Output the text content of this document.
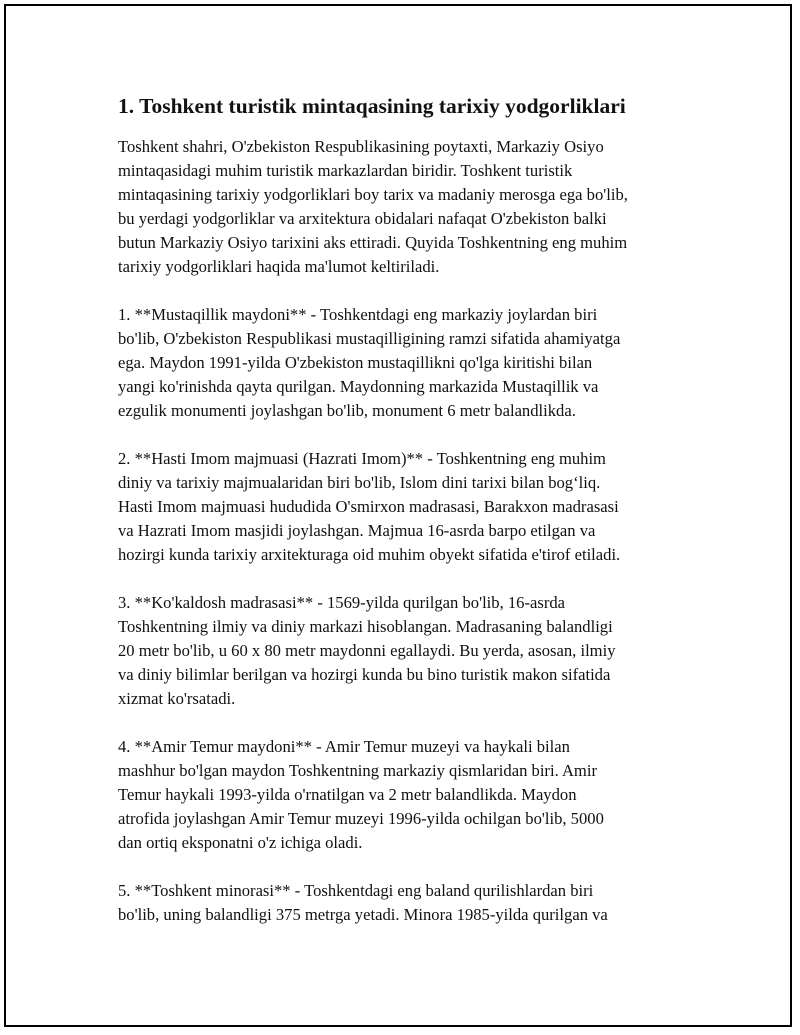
1. Toshkent turistik mintaqasining tarixiy yodgorliklari
Toshkent shahri, O'zbekiston Respublikasining poytaxti, Markaziy Osiyo
mintaqasidagi muhim turistik markazlardan biridir. Toshkent turistik
mintaqasining tarixiy yodgorliklari boy tarix va madaniy merosga ega bo'lib,
bu yerdagi yodgorliklar va arxitektura obidalari nafaqat O'zbekiston balki
butun Markaziy Osiyo tarixini aks ettiradi. Quyida Toshkentning eng muhim
tarixiy yodgorliklari haqida ma'lumot keltiriladi.
1. **Mustaqillik maydoni** - Toshkentdagi eng markaziy joylardan biri
bo'lib, O'zbekiston Respublikasi mustaqilligining ramzi sifatida ahamiyatga
ega. Maydon 1991-yilda O'zbekiston mustaqillikni qo'lga kiritishi bilan
yangi ko'rinishda qayta qurilgan. Maydonning markazida Mustaqillik va
ezgulik monumenti joylashgan bo'lib, monument 6 metr balandlikda.
2. **Hasti Imom majmuasi (Hazrati Imom)** - Toshkentning eng muhim
diniy va tarixiy majmualaridan biri bo'lib, Islom dini tarixi bilan bog‘liq.
Hasti Imom majmuasi hududida O'smirxon madrasasi, Barakxon madrasasi
va Hazrati Imom masjidi joylashgan. Majmua 16-asrda barpo etilgan va
hozirgi kunda tarixiy arxitekturaga oid muhim obyekt sifatida e'tirof etiladi.
3. **Ko'kaldosh madrasasi** - 1569-yilda qurilgan bo'lib, 16-asrda
Toshkentning ilmiy va diniy markazi hisoblangan. Madrasaning balandligi
20 metr bo'lib, u 60 x 80 metr maydonni egallaydi. Bu yerda, asosan, ilmiy
va diniy bilimlar berilgan va hozirgi kunda bu bino turistik makon sifatida
xizmat ko'rsatadi.
4. **Amir Temur maydoni** - Amir Temur muzeyi va haykali bilan
mashhur bo'lgan maydon Toshkentning markaziy qismlaridan biri. Amir
Temur haykali 1993-yilda o'rnatilgan va 2 metr balandlikda. Maydon
atrofida joylashgan Amir Temur muzeyi 1996-yilda ochilgan bo'lib, 5000
dan ortiq eksponatni o'z ichiga oladi.
5. **Toshkent minorasi** - Toshkentdagi eng baland qurilishlardan biri
bo'lib, uning balandligi 375 metrga yetadi. Minora 1985-yilda qurilgan va
